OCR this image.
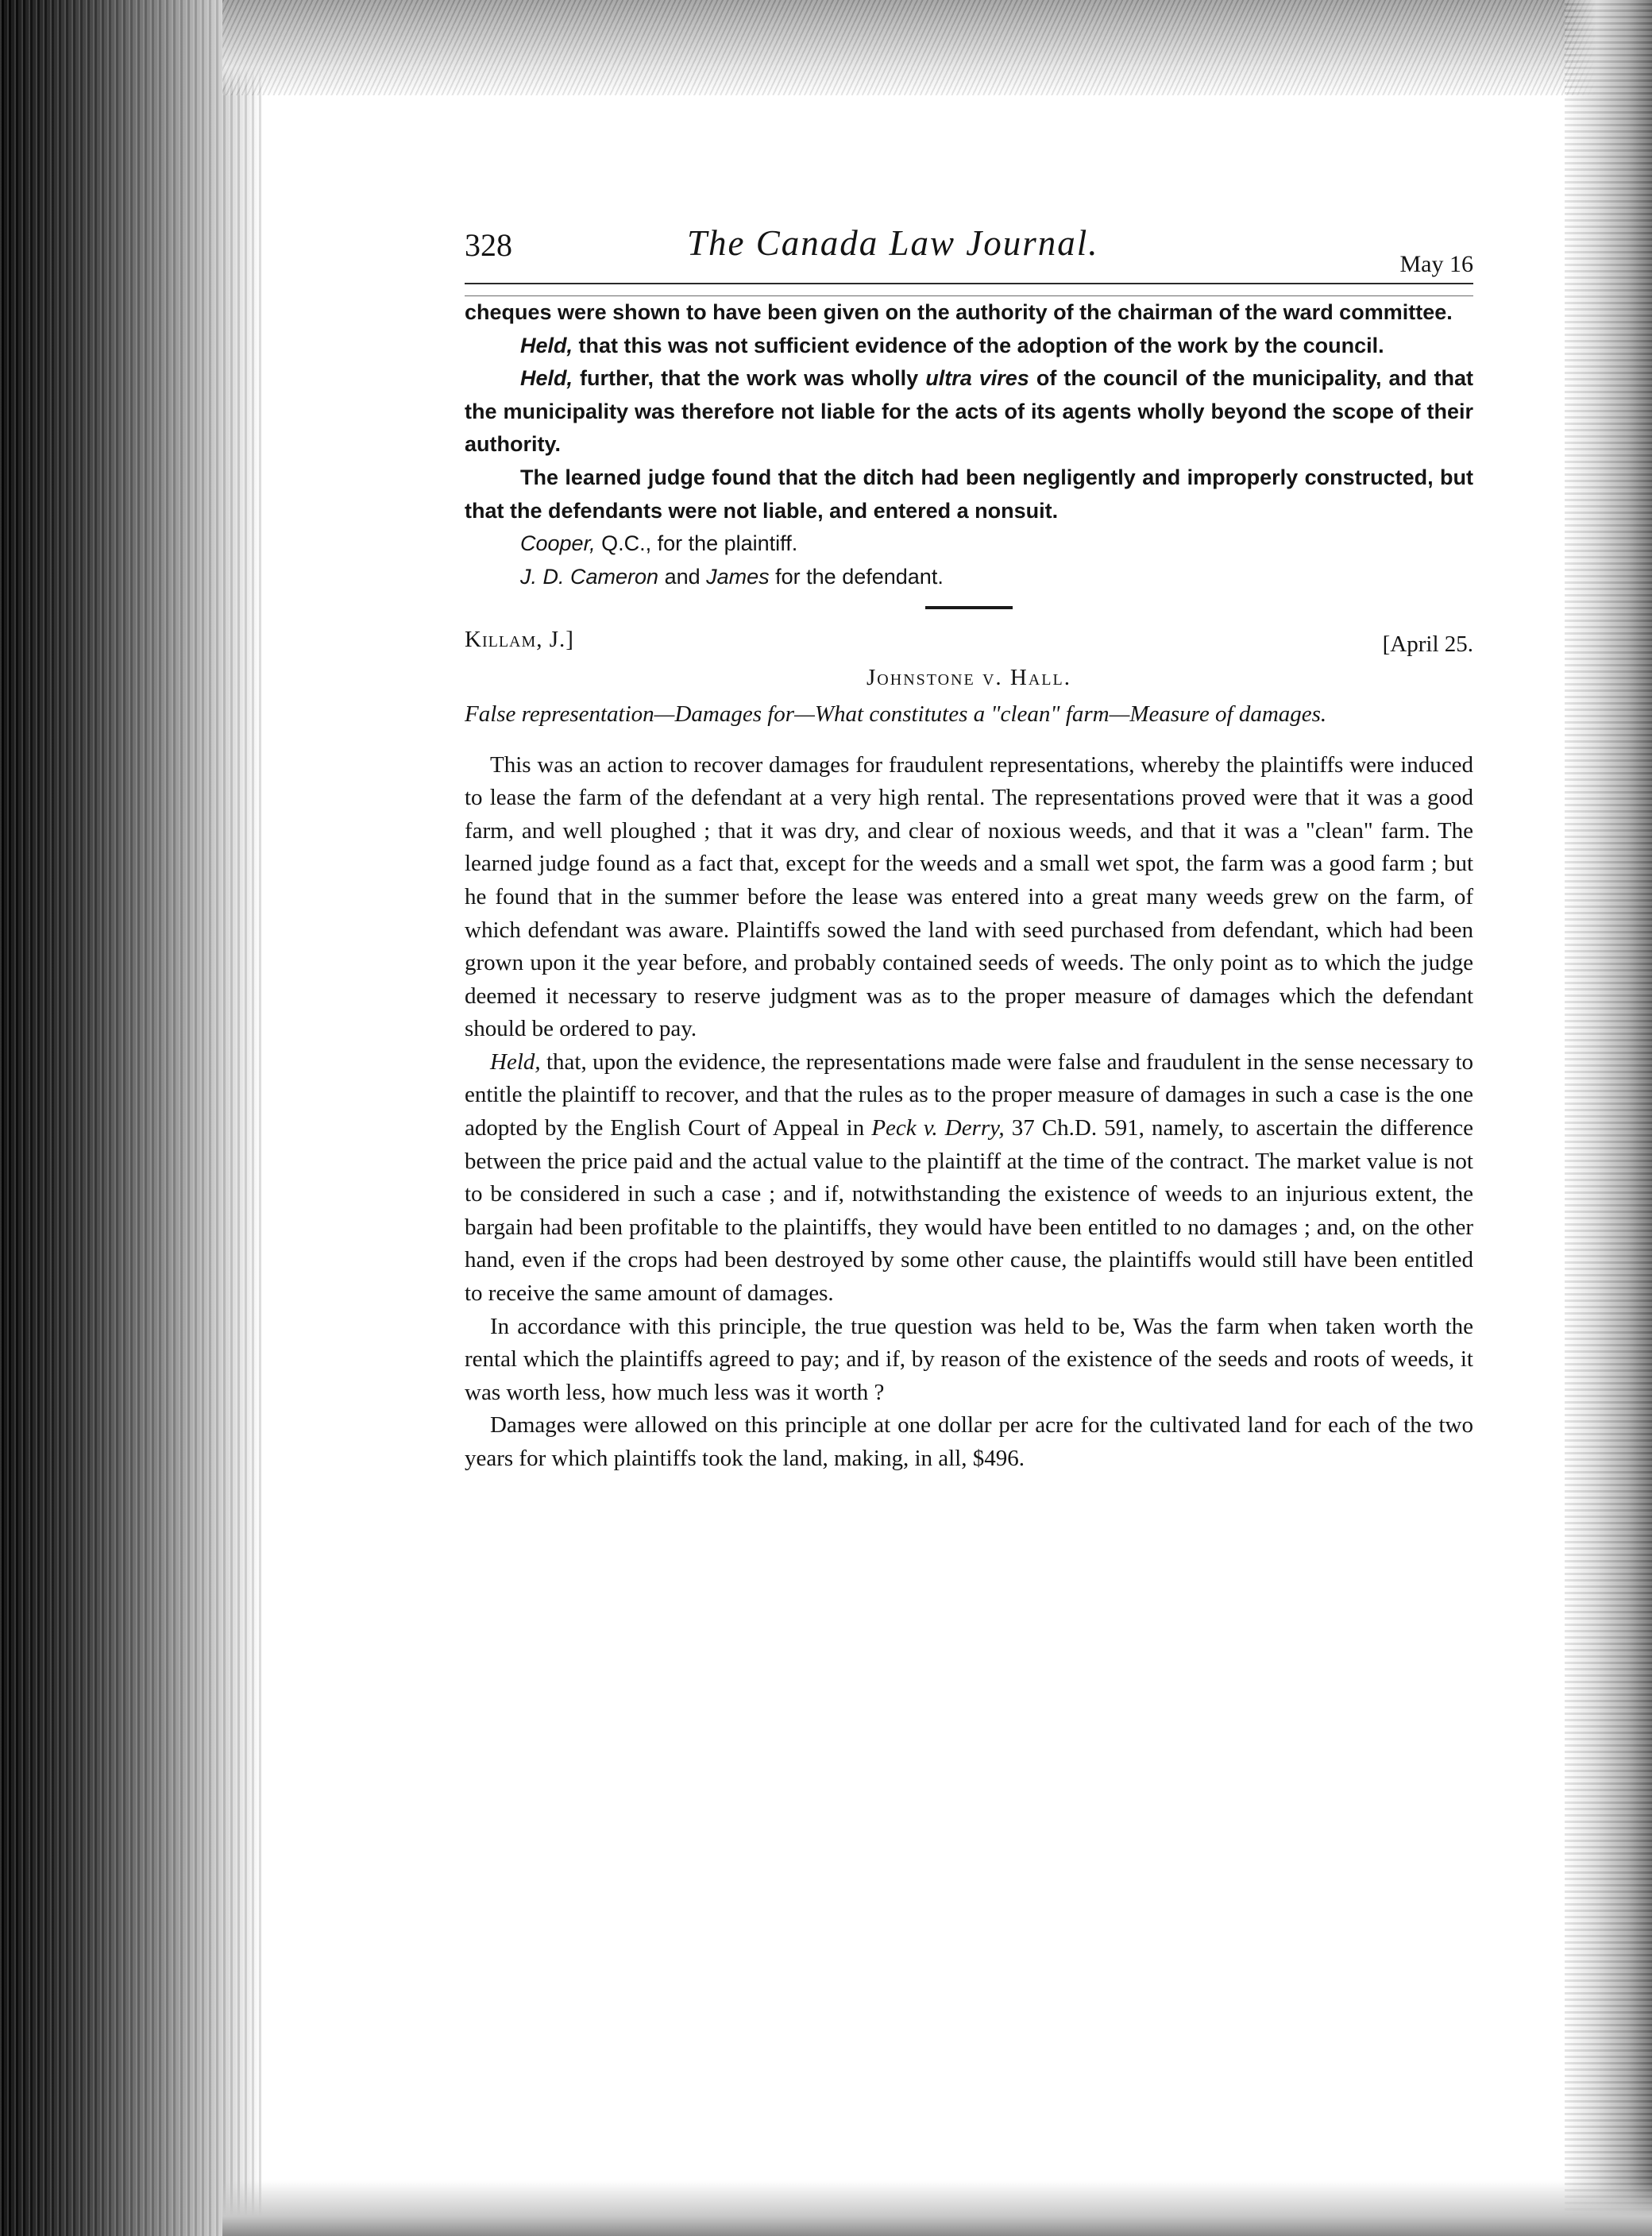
328	The Canada Law Journal.
May 16

cheques were shown to have been given on the authority of the chairman of the ward committee.

Held, that this was not sufficient evidence of the adoption of the work by the council.

Held, further, that the work was wholly ultra vires of the council of the municipality, and that the municipality was therefore not liable for the acts of its agents wholly beyond the scope of their authority.

The learned judge found that the ditch had been negligently and improperly constructed, but that the defendants were not liable, and entered a nonsuit.

Cooper, Q.C., for the plaintiff.

J. D. Cameron and James for the defendant.

Killam, J.]	[April 25.
Johnstone v. Hall.
False representation—Damages for—What constitutes a "clean" farm—Measure of damages.

This was an action to recover damages for fraudulent representations, whereby the plaintiffs were induced to lease the farm of the defendant at a very high rental. The representations proved were that it was a good farm, and well ploughed ; that it was dry, and clear of noxious weeds, and that it was a "clean" farm. The learned judge found as a fact that, except for the weeds and a small wet spot, the farm was a good farm ; but he found that in the summer before the lease was entered into a great many weeds grew on the farm, of which defendant was aware. Plaintiffs sowed the land with seed purchased from defendant, which had been grown upon it the year before, and probably contained seeds of weeds. The only point as to which the judge deemed it necessary to reserve judgment was as to the proper measure of damages which the defendant should be ordered to pay.

Held, that, upon the evidence, the representations made were false and fraudulent in the sense necessary to entitle the plaintiff to recover, and that the rules as to the proper measure of damages in such a case is the one adopted by the English Court of Appeal in Peck v. Derry, 37 Ch.D. 591, namely, to ascertain the difference between the price paid and the actual value to the plaintiff at the time of the contract. The market value is not to be considered in such a case ; and if, notwithstanding the existence of weeds to an injurious extent, the bargain had been profitable to the plaintiffs, they would have been entitled to no damages ; and, on the other hand, even if the crops had been destroyed by some other cause, the plaintiffs would still have been entitled to receive the same amount of damages.

In accordance with this principle, the true question was held to be, Was the farm when taken worth the rental which the plaintiffs agreed to pay; and if, by reason of the existence of the seeds and roots of weeds, it was worth less, how much less was it worth ?

Damages were allowed on this principle at one dollar per acre for the cultivated land for each of the two years for which plaintiffs took the land, making, in all, $496.
